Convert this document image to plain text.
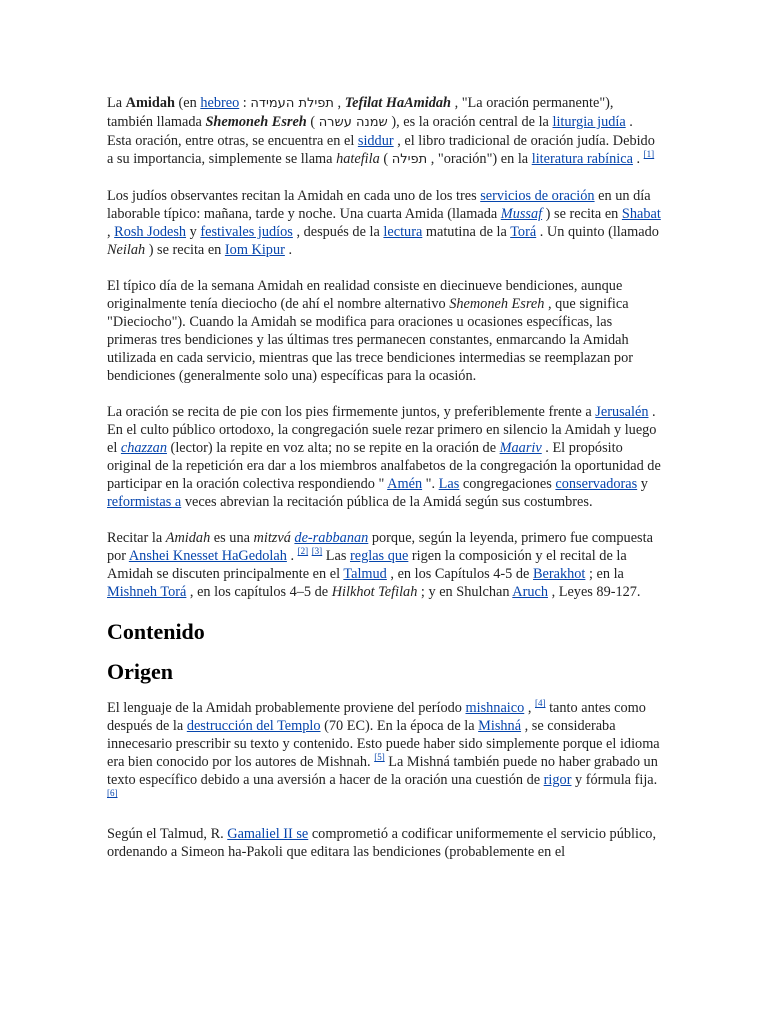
La Amidah (en hebreo : תפילת העמידה , Tefilat HaAmidah , "La oración permanente"), también llamada Shemoneh Esreh ( שמנה עשרה ), es la oración central de la liturgia judía . Esta oración, entre otras, se encuentra en el siddur , el libro tradicional de oración judía. Debido a su importancia, simplemente se llama hatefila ( תפילה , "oración") en la literatura rabínica . [1]

Los judíos observantes recitan la Amidah en cada uno de los tres servicios de oración en un día laborable típico: mañana, tarde y noche. Una cuarta Amida (llamada Mussaf ) se recita en Shabat , Rosh Jodesh y festivales judíos , después de la lectura matutina de la Torá . Un quinto (llamado Neilah ) se recita en Iom Kipur .

El típico día de la semana Amidah en realidad consiste en diecinueve bendiciones, aunque originalmente tenía dieciocho (de ahí el nombre alternativo Shemoneh Esreh , que significa "Dieciocho"). Cuando la Amidah se modifica para oraciones u ocasiones específicas, las primeras tres bendiciones y las últimas tres permanecen constantes, enmarcando la Amidah utilizada en cada servicio, mientras que las trece bendiciones intermedias se reemplazan por bendiciones (generalmente solo una) específicas para la ocasión.

La oración se recita de pie con los pies firmemente juntos, y preferiblemente frente a Jerusalén . En el culto público ortodoxo, la congregación suele rezar primero en silencio la Amidah y luego el chazzan (lector) la repite en voz alta; no se repite en la oración de Maariv . El propósito original de la repetición era dar a los miembros analfabetos de la congregación la oportunidad de participar en la oración colectiva respondiendo " Amén ". Las congregaciones conservadoras y reformistas a veces abrevian la recitación pública de la Amidá según sus costumbres.

Recitar la Amidah es una mitzvá de-rabbanan porque, según la leyenda, primero fue compuesta por Anshei Knesset HaGedolah . [2] [3] Las reglas que rigen la composición y el recital de la Amidah se discuten principalmente en el Talmud , en los Capítulos 4-5 de Berakhot ; en la Mishneh Torá , en los capítulos 4–5 de Hilkhot Tefilah ; y en Shulchan Aruch , Leyes 89-127.

Contenido
Origen

El lenguaje de la Amidah probablemente proviene del período mishnaico , [4] tanto antes como después de la destrucción del Templo (70 EC). En la época de la Mishná , se consideraba innecesario prescribir su texto y contenido. Esto puede haber sido simplemente porque el idioma era bien conocido por los autores de Mishnah. [5] La Mishná también puede no haber grabado un texto específico debido a una aversión a hacer de la oración una cuestión de rigor y fórmula fija. [6]

Según el Talmud, R. Gamaliel II se comprometió a codificar uniformemente el servicio público, ordenando a Simeon ha-Pakoli que editara las bendiciones (probablemente en el
